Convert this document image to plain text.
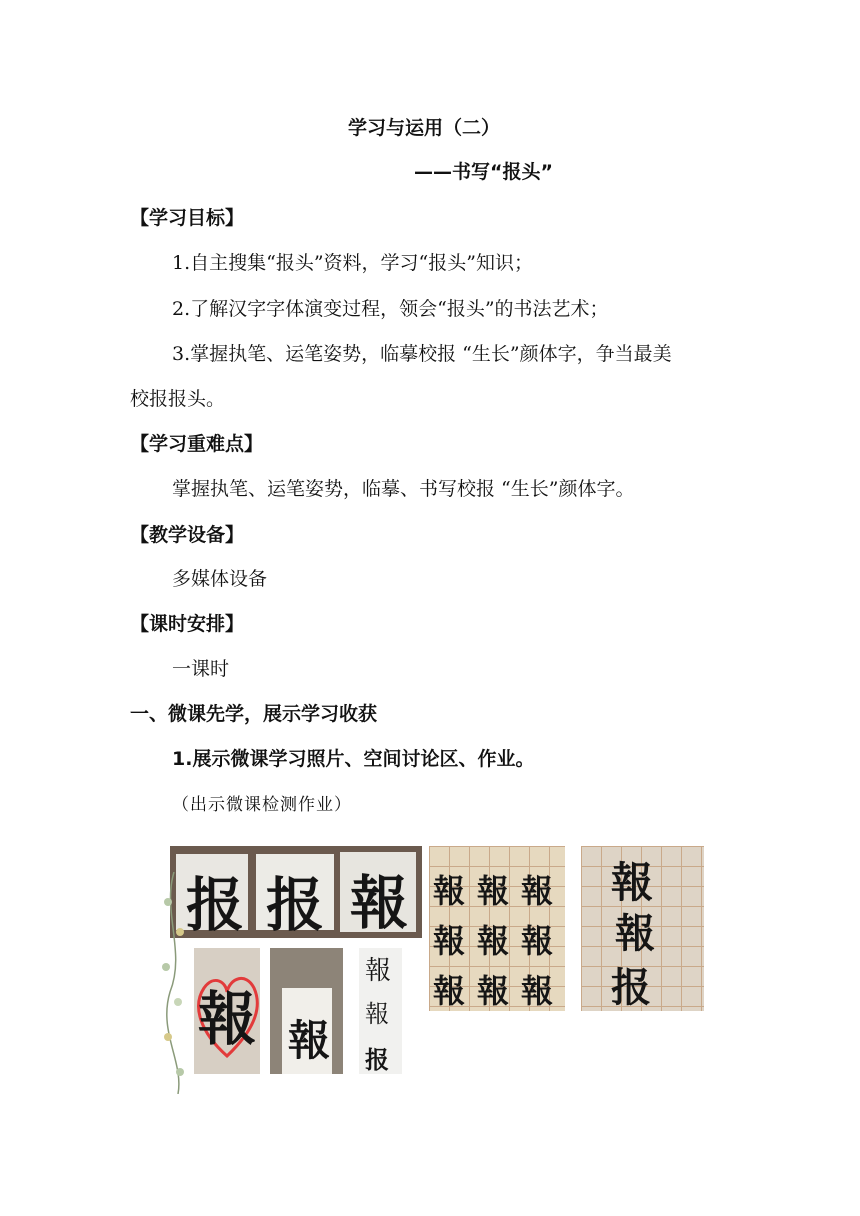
学习与运用（二）
——书写“报头”
【学习目标】
1.自主搜集“报头”资料，学习“报头”知识；
2.了解汉字字体演变过程，领会“报头”的书法艺术；
3.掌握执笔、运笔姿势，临摹校报 “生长”颜体字，争当最美
校报报头。
【学习重难点】
掌握执笔、运笔姿势，临摹、书写校报 “生长”颜体字。
【教学设备】
多媒体设备
【课时安排】
一课时
一、微课先学，展示学习收获
1.展示微课学习照片、空间讨论区、作业。
（出示微课检测作业）
报 报 報 報 報 報
報 報 報
報 報 報
報
報
报
報 報
報
報
报
